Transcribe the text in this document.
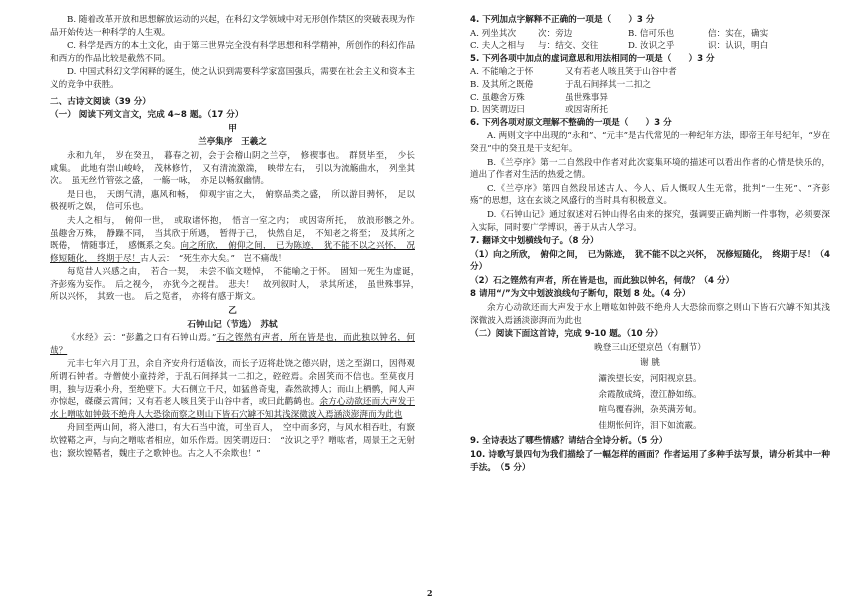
B. 随着改革开放和思想解放运动的兴起，在科幻文学领域中对无形创作禁区的突破表现为作品开始传达一种科学的人生观。

C. 科学是西方的本土文化，由于第三世界完全没有科学思想和科学精神，所创作的科幻作品和西方的作品比较是截然不同。

D. 中国式科幻文学闲释的诞生，使之认识到需要科学家富国强兵，需要在社会主义和资本主义的竞争中获胜。

二、古诗文阅读（39 分）

（一） 阅读下列文言文，完成 4~8 题。（17 分）

甲

兰亭集序　王羲之

永和九年，　岁在癸丑，　暮春之初，会于会稽山阴之兰亭，　修禊事也。　群贤毕至，　少长咸集。　此地有崇山峻岭，　茂林修竹，　又有清流激湍，　映带左右，　引以为流觞曲水，　列坐其次。　虽无丝竹管弦之盛，　一觞一咏，　亦足以畅叙幽情。

是日也，　天朗气清，惠风和畅，　仰观宇宙之大，　俯察品类之盛，　所以游目骋怀，　足以极视听之娱，　信可乐也。

夫人之相与，　俯仰一世，　或取诸怀抱，　悟言一室之内；　或因寄所托，　放浪形骸之外。　虽趣舍万殊，　静躁不同，　当其欣于所遇，　暂得于己，　快然自足，　不知老之将至；　及其所之既倦，　情随事迁，　感慨系之矣。向之所欣，　俯仰之间，　已为陈迹，　犹不能不以之兴怀，　况修短随化，　终期于尽！古人云：　“死生亦大矣。”　岂不痛哉！

每览昔人兴感之由，　若合一契，　未尝不临文嗟悼，　不能喻之于怀。　固知一死生为虚诞，　齐彭殇为妄作。　后之视今，　亦犹今之视昔。　悲夫！　故列叙时人，　录其所述，　虽世殊事异，　所以兴怀，　其致一也。　后之览者，　亦将有感于斯文。

乙

石钟山记（节选）　苏轼

《水经》云：“彭蠡之口有石钟山焉。”石之铿然有声者，所在皆是也，而此独以钟名，何哉？

元丰七年六月丁丑，余自齐安舟行适临汝，而长子迈将赴饶之德兴尉，送之至湖口，因得观所谓石钟者。寺僧使小童持斧，于乱石间择其一二扣之，硿硿焉。余固笑而不信也。至莫夜月明，独与迈乘小舟，至绝壁下。大石侧立千尺，如猛兽奇鬼，森然欲搏人；而山上栖鹘，闻人声亦惊起，磔磔云霄间；又有若老人咳且笑于山谷中者，或曰此鹳鹤也。余方心动欲还而大声发于水上噌吰如钟鼓不绝舟人大恐徐而察之则山下皆石穴罅不知其浅深微波入焉涵淡澎湃而为此也

舟回至两山间，将入港口，有大石当中流，可坐百人，　空中而多窍，与风水相吞吐，有窾坎镗鞳之声，与向之噌吰者相应，如乐作焉。因笑谓迈曰：　“汝识之乎？噌吰者，周景王之无射也；窾坎镗鞳者，魏庄子之歌钟也。古之人不余欺也！”

4. 下列加点字解释不正确的一项是（　　）3 分

A. 列坐其次	次：旁边	B. 信可乐也	信：实在，确实
C. 夫人之相与	与：结交、交往	D. 汝识之乎	识：认识，明白

5. 下列各项中加点的虚词意思和用法相同的一项是（　　）3 分

A. 不能喻之于怀	又有若老人咳且笑于山谷中者
B. 及其所之既倦	于乱石间择其一二扣之
C. 虽趣舍万殊	虽世殊事异
D. 因笑谓迈曰	或因寄所托

6. 下列各项对原文理解不整确的一项是（　　）3 分

A. 两则文字中出现的“永和”、“元丰”是古代常见的一种纪年方法，即帝王年号纪年，“岁在癸丑”中的癸丑是干支纪年。

B.《兰亭序》第一二自然段中作者对此次宴集环境的描述可以看出作者的心情是快乐的，道出了作者对生活的热爱之情。

C.《兰亭序》第四自然段吊述古人、今人、后人慨叹人生无常，批判“一生死”、“齐彭殇”的思想，这在玄谈之风盛行的当时具有积极意义。

D.《石钟山记》通过叙述对石钟山得名由来的探究，强调要正确判断一件事物，必须要深入实际，同时要广学博识，善于从古人学习。

7. 翻译文中划横线句子。（8 分）

（1）向之所欣，　俯仰之间，　已为陈迹，　犹不能不以之兴怀，　况修短随化，　终期于尽！（4 分）

（2）石之铿然有声者，所在皆是也，而此独以钟名，何哉？（4 分）

8 请用“/”为文中划波浪线句子断句，限划 8 处。（4 分）

余方心动欲还而大声发于水上噌吰如钟鼓不绝舟人大恐徐而察之则山下皆石穴罅不知其浅深微波入焉涵淡澎湃而为此也

（二）阅读下面这首诗，完成 9-10 题。（10 分）

晚登三山还望京邑（有删节）

谢 朓

灞涘望长安，河阳视京县。

余霞散成绮，澄江静如练。

喧鸟覆春洲，杂英满芳甸。

佳期怅何许，泪下如流霰。

9. 全诗表达了哪些情感？请结合全诗分析。（5 分）

10. 诗歌写景四句为我们描绘了一幅怎样的画面？作者运用了多种手法写景，请分析其中一种手法。　（5 分）

2
